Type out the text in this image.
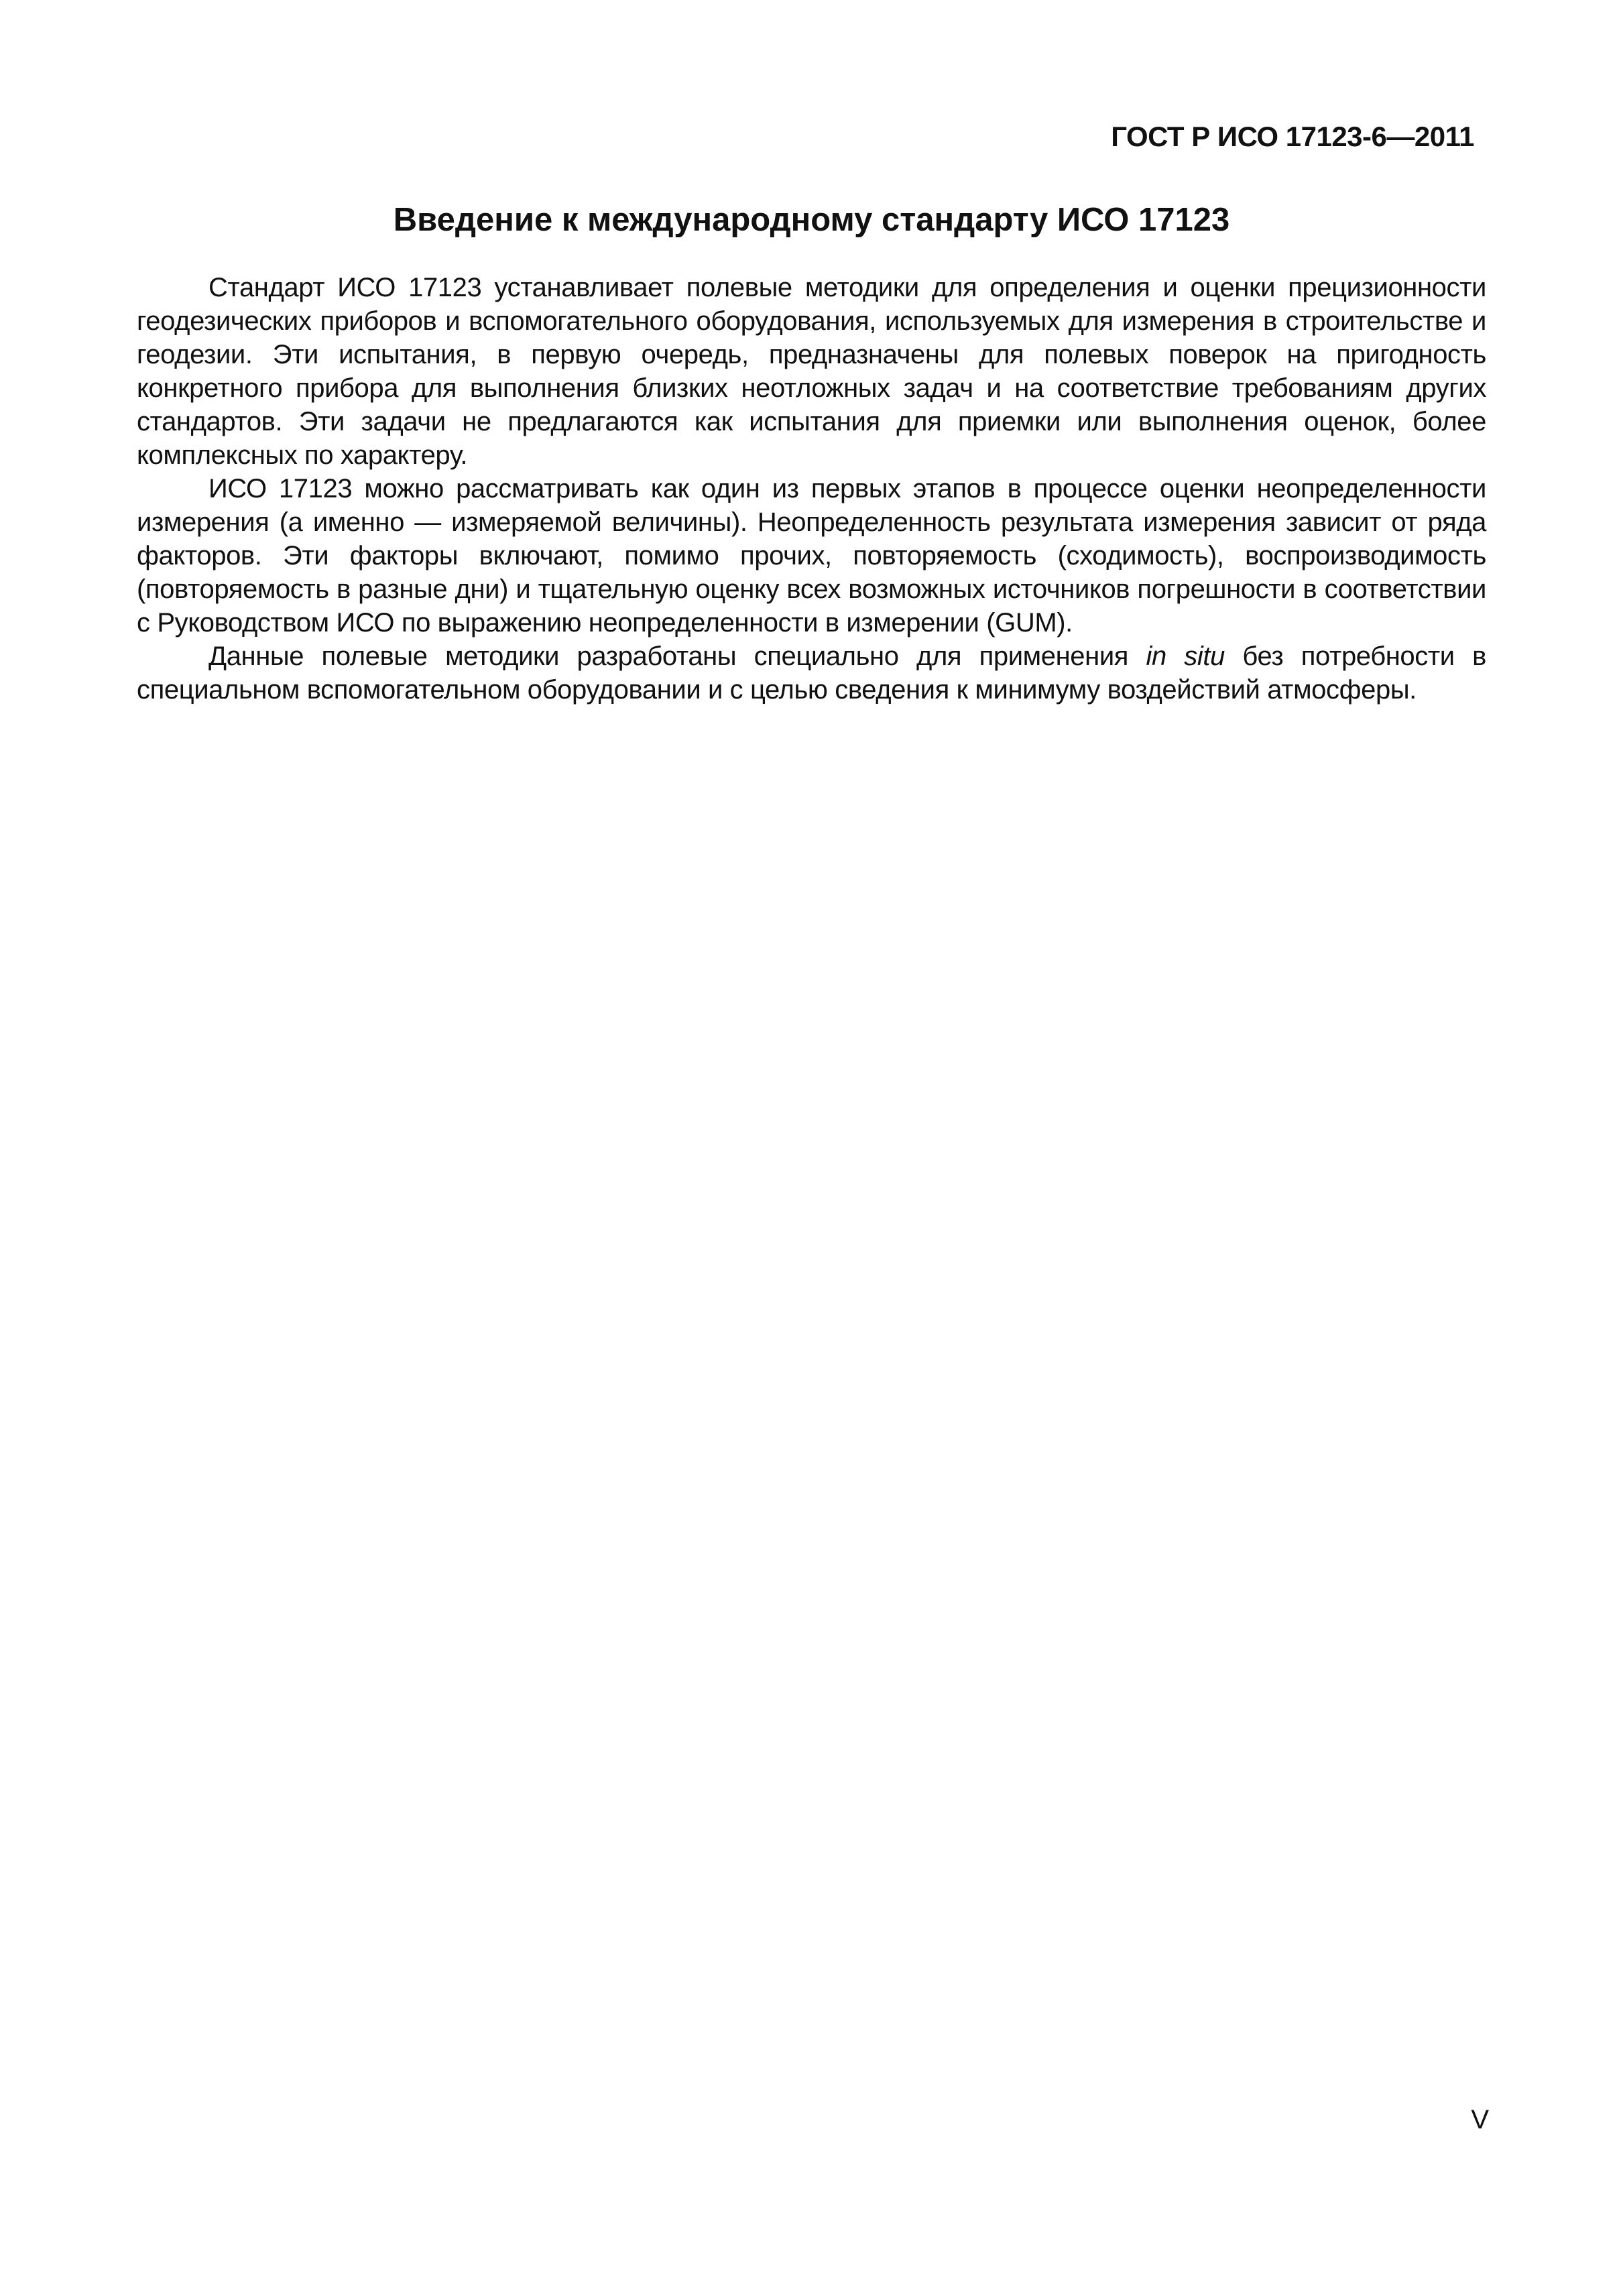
ГОСТ Р ИСО 17123-6—2011
Введение к международному стандарту ИСО 17123

Стандарт ИСО 17123 устанавливает полевые методики для определения и оценки прецизионности геодезических приборов и вспомогательного оборудования, используемых для измерения в строительстве и геодезии. Эти испытания, в первую очередь, предназначены для полевых поверок на пригодность конкретного прибора для выполнения близких неотложных задач и на соответствие требованиям других стандартов. Эти задачи не предлагаются как испытания для приемки или выполнения оценок, более комплексных по характеру.

ИСО 17123 можно рассматривать как один из первых этапов в процессе оценки неопределенности измерения (а именно — измеряемой величины). Неопределенность результата измерения зависит от ряда факторов. Эти факторы включают, помимо прочих, повторяемость (сходимость), воспроизводимость (повторяемость в разные дни) и тщательную оценку всех возможных источников погрешности в соответствии с Руководством ИСО по выражению неопределенности в измерении (GUM).

Данные полевые методики разработаны специально для применения in situ без потребности в специальном вспомогательном оборудовании и с целью сведения к минимуму воздействий атмосферы.

V
